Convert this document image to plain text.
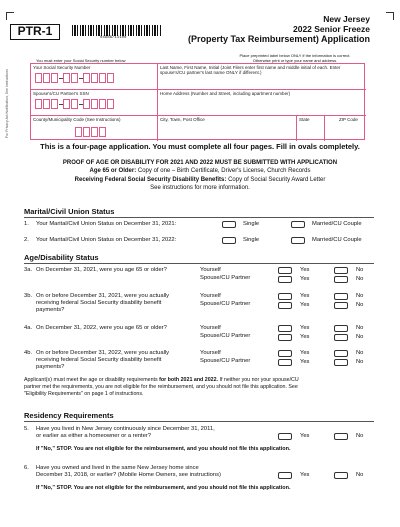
PTR-1	04988/11100
New Jersey
2022 Senior Freeze
(Property Tax Reimbursement) Application
Place preprinted label below ONLY if the information is correct.
Otherwise print or type your name and address.
You must enter your Social Security number below
For Privacy Act Notification, See Instructions
Your Social Security Number
Spouse's/CU Partner's SSN
County/Municipality Code (See Instructions)
Last Name, First Name, Initial (Joint Filers enter first name and middle initial of each. Enter spouse's/CU partner's last name ONLY if different.)
Home Address (Number and Street, including apartment number)
City, Town, Post Office	State	ZIP Code
This is a four-page application. You must complete all four pages. Fill in ovals completely.
PROOF OF AGE OR DISABILITY FOR 2021 AND 2022 MUST BE SUBMITTED WITH APPLICATION
Age 65 or Older: Copy of one – Birth Certificate, Driver's License, Church Records
Receiving Federal Social Security Disability Benefits: Copy of Social Security Award Letter
See instructions for more information.
Marital/Civil Union Status
1. Your Marital/Civil Union Status on December 31, 2021:	Single	Married/CU Couple
2. Your Marital/Civil Union Status on December 31, 2022:	Single	Married/CU Couple
Age/Disability Status
3a. On December 31, 2021, were you age 65 or older?	Yourself
Spouse/CU Partner
Yes	No
Yes	No
3b. On or before December 31, 2021, were you actually
receiving federal Social Security disability benefit
payments?
Yourself
Spouse/CU Partner
Yes	No
Yes	No
4a. On December 31, 2022, were you age 65 or older?	Yourself
Spouse/CU Partner
Yes	No
Yes	No
4b. On or before December 31, 2022, were you actually
receiving federal Social Security disability benefit
payments?
Yourself
Spouse/CU Partner
Yes	No
Yes	No
Applicant(s) must meet the age or disability requirements for both 2021 and 2022. If neither you nor your spouse/CU
partner met the requirements, you are not eligible for the reimbursement, and you should not file this application. See
"Eligibility Requirements" on page 1 of instructions.
Residency Requirements
5. Have you lived in New Jersey continuously since December 31, 2011,
or earlier as either a homeowner or a renter?	Yes	No
If "No," STOP. You are not eligible for the reimbursement, and you should not file this application.
6. Have you owned and lived in the same New Jersey home since
December 31, 2018, or earlier? (Mobile Home Owners, see instructions)	Yes	No
If "No," STOP. You are not eligible for the reimbursement, and you should not file this application.
